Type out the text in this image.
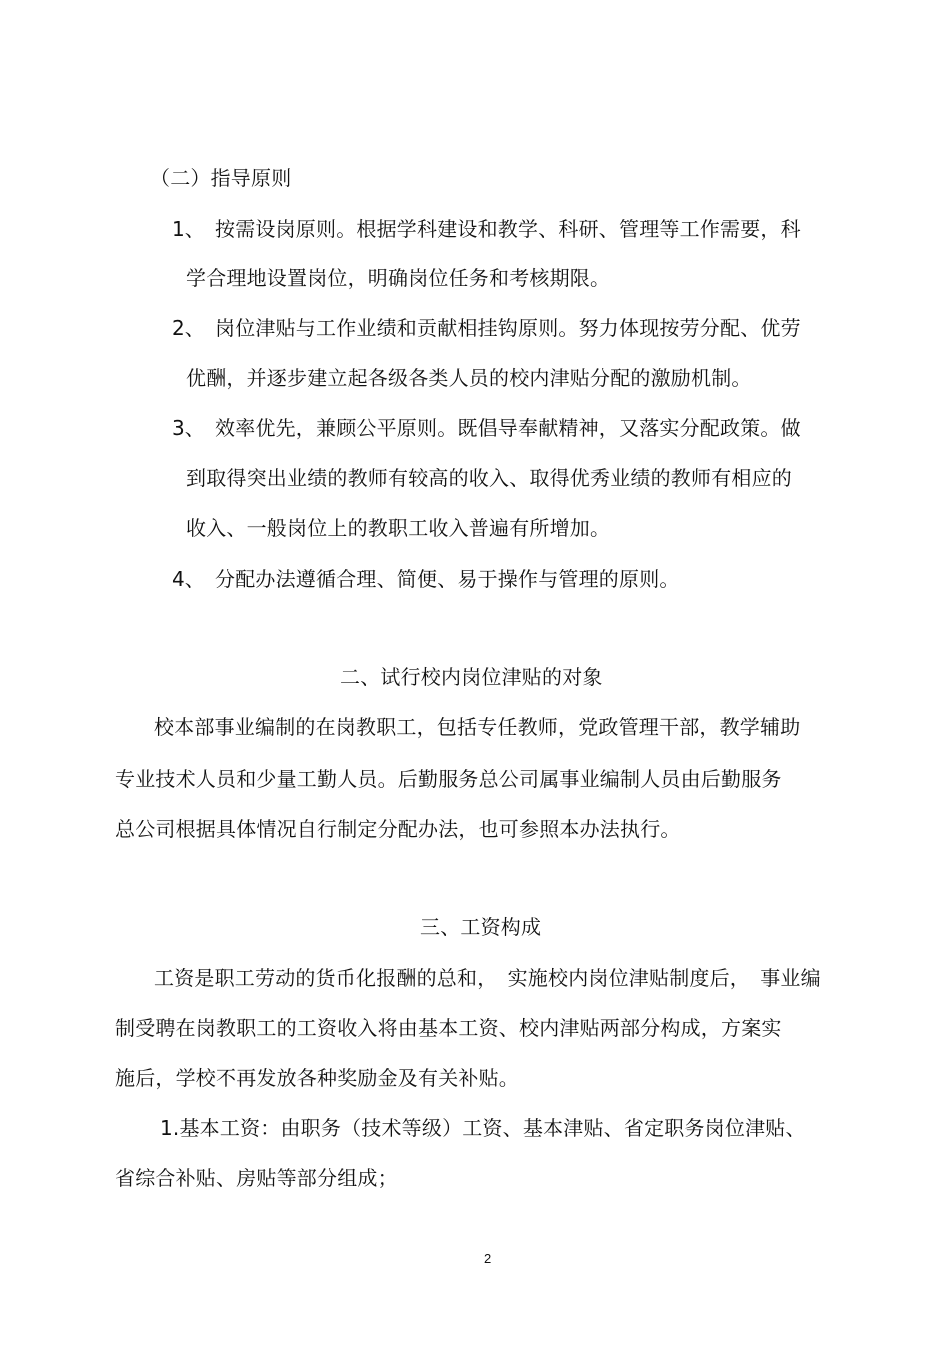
（二）指导原则
1、 按需设岗原则。根据学科建设和教学、科研、管理等工作需要，科
学合理地设置岗位，明确岗位任务和考核期限。
2、 岗位津贴与工作业绩和贡献相挂钩原则。努力体现按劳分配、优劳
优酬，并逐步建立起各级各类人员的校内津贴分配的激励机制。
3、 效率优先，兼顾公平原则。既倡导奉献精神，又落实分配政策。做
到取得突出业绩的教师有较高的收入、取得优秀业绩的教师有相应的
收入、一般岗位上的教职工收入普遍有所增加。
4、 分配办法遵循合理、简便、易于操作与管理的原则。
二、试行校内岗位津贴的对象
校本部事业编制的在岗教职工，包括专任教师，党政管理干部，教学辅助
专业技术人员和少量工勤人员。后勤服务总公司属事业编制人员由后勤服务
总公司根据具体情况自行制定分配办法，也可参照本办法执行。
三、工资构成
工资是职工劳动的货币化报酬的总和，　实施校内岗位津贴制度后，　事业编
制受聘在岗教职工的工资收入将由基本工资、校内津贴两部分构成，方案实
施后，学校不再发放各种奖励金及有关补贴。
1.基本工资：由职务（技术等级）工资、基本津贴、省定职务岗位津贴、
省综合补贴、房贴等部分组成；
2
